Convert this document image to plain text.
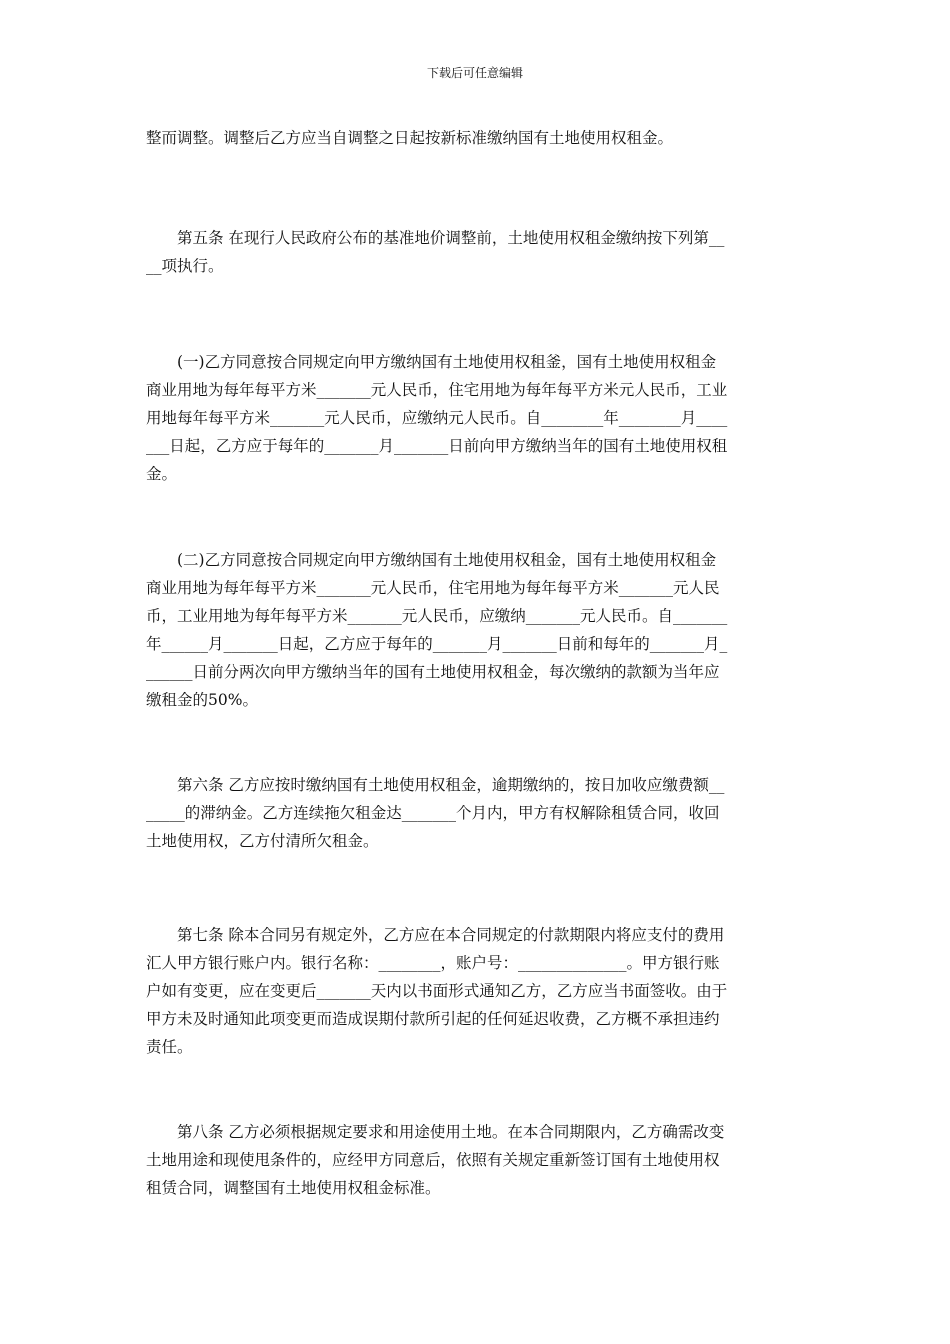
下载后可任意编辑

整而调整。调整后乙方应当自调整之日起按新标准缴纳国有土地使用权租金。

　　第五条 在现行人民政府公布的基准地价调整前，土地使用权租金缴纳按下列第__
__项执行。

　　(一)乙方同意按合同规定向甲方缴纳国有土地使用权租釜，国有土地使用权租金
商业用地为每年每平方米_______元人民币，住宅用地为每年每平方米元人民币，工业
用地每年每平方米_______元人民币，应缴纳元人民币。自________年________月____
___日起，乙方应于每年的_______月_______日前向甲方缴纳当年的国有土地使用权租
金。

　　(二)乙方同意按合同规定向甲方缴纳国有土地使用权租金，国有土地使用权租金
商业用地为每年每平方米_______元人民币，住宅用地为每年每平方米_______元人民
币，工业用地为每年每平方米_______元人民币，应缴纳_______元人民币。自_______
年______月_______日起，乙方应于每年的_______月_______日前和每年的_______月_
______日前分两次向甲方缴纳当年的国有土地使用权租金，每次缴纳的款额为当年应
缴租金的50%。

　　第六条 乙方应按时缴纳国有土地使用权租金，逾期缴纳的，按日加收应缴费额__
_____的滞纳金。乙方连续拖欠租金达_______个月内，甲方有权解除租赁合同，收回
土地使用权，乙方付清所欠租金。

　　第七条 除本合同另有规定外，乙方应在本合同规定的付款期限内将应支付的费用
汇人甲方银行账户内。银行名称：________，账户号：______________。甲方银行账
户如有变更，应在变更后_______天内以书面形式通知乙方，乙方应当书面签收。由于
甲方未及时通知此项变更而造成误期付款所引起的任何延迟收费，乙方概不承担违约
责任。

　　第八条 乙方必须根据规定要求和用途使用土地。在本合同期限内，乙方确需改变
土地用途和现使甩条件的，应经甲方同意后，依照有关规定重新签订国有土地使用权
租赁合同，调整国有土地使用权租金标准。
